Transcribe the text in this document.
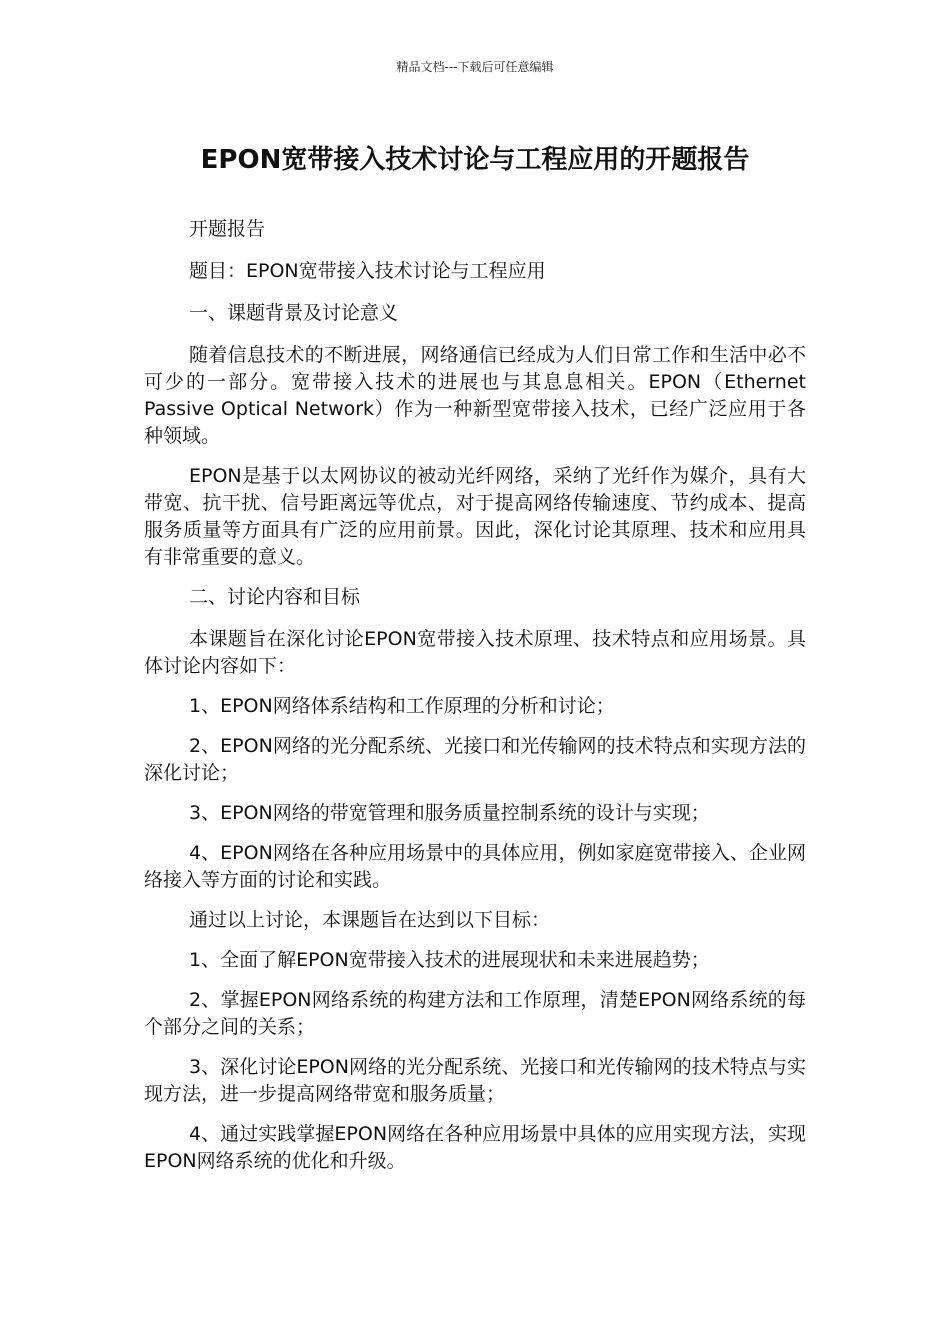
精品文档---下载后可任意编辑
EPON宽带接入技术讨论与工程应用的开题报告

开题报告

题目：EPON宽带接入技术讨论与工程应用

一、课题背景及讨论意义

随着信息技术的不断进展，网络通信已经成为人们日常工作和生活中必不可少的一部分。宽带接入技术的进展也与其息息相关。EPON（Ethernet Passive Optical Network）作为一种新型宽带接入技术，已经广泛应用于各种领域。

EPON是基于以太网协议的被动光纤网络，采纳了光纤作为媒介，具有大带宽、抗干扰、信号距离远等优点，对于提高网络传输速度、节约成本、提高服务质量等方面具有广泛的应用前景。因此，深化讨论其原理、技术和应用具有非常重要的意义。

二、讨论内容和目标

本课题旨在深化讨论EPON宽带接入技术原理、技术特点和应用场景。具体讨论内容如下：

1、EPON网络体系结构和工作原理的分析和讨论；

2、EPON网络的光分配系统、光接口和光传输网的技术特点和实现方法的深化讨论；

3、EPON网络的带宽管理和服务质量控制系统的设计与实现；

4、EPON网络在各种应用场景中的具体应用，例如家庭宽带接入、企业网络接入等方面的讨论和实践。

通过以上讨论，本课题旨在达到以下目标：

1、全面了解EPON宽带接入技术的进展现状和未来进展趋势；

2、掌握EPON网络系统的构建方法和工作原理，清楚EPON网络系统的每个部分之间的关系；

3、深化讨论EPON网络的光分配系统、光接口和光传输网的技术特点与实现方法，进一步提高网络带宽和服务质量；

4、通过实践掌握EPON网络在各种应用场景中具体的应用实现方法，实现EPON网络系统的优化和升级。
